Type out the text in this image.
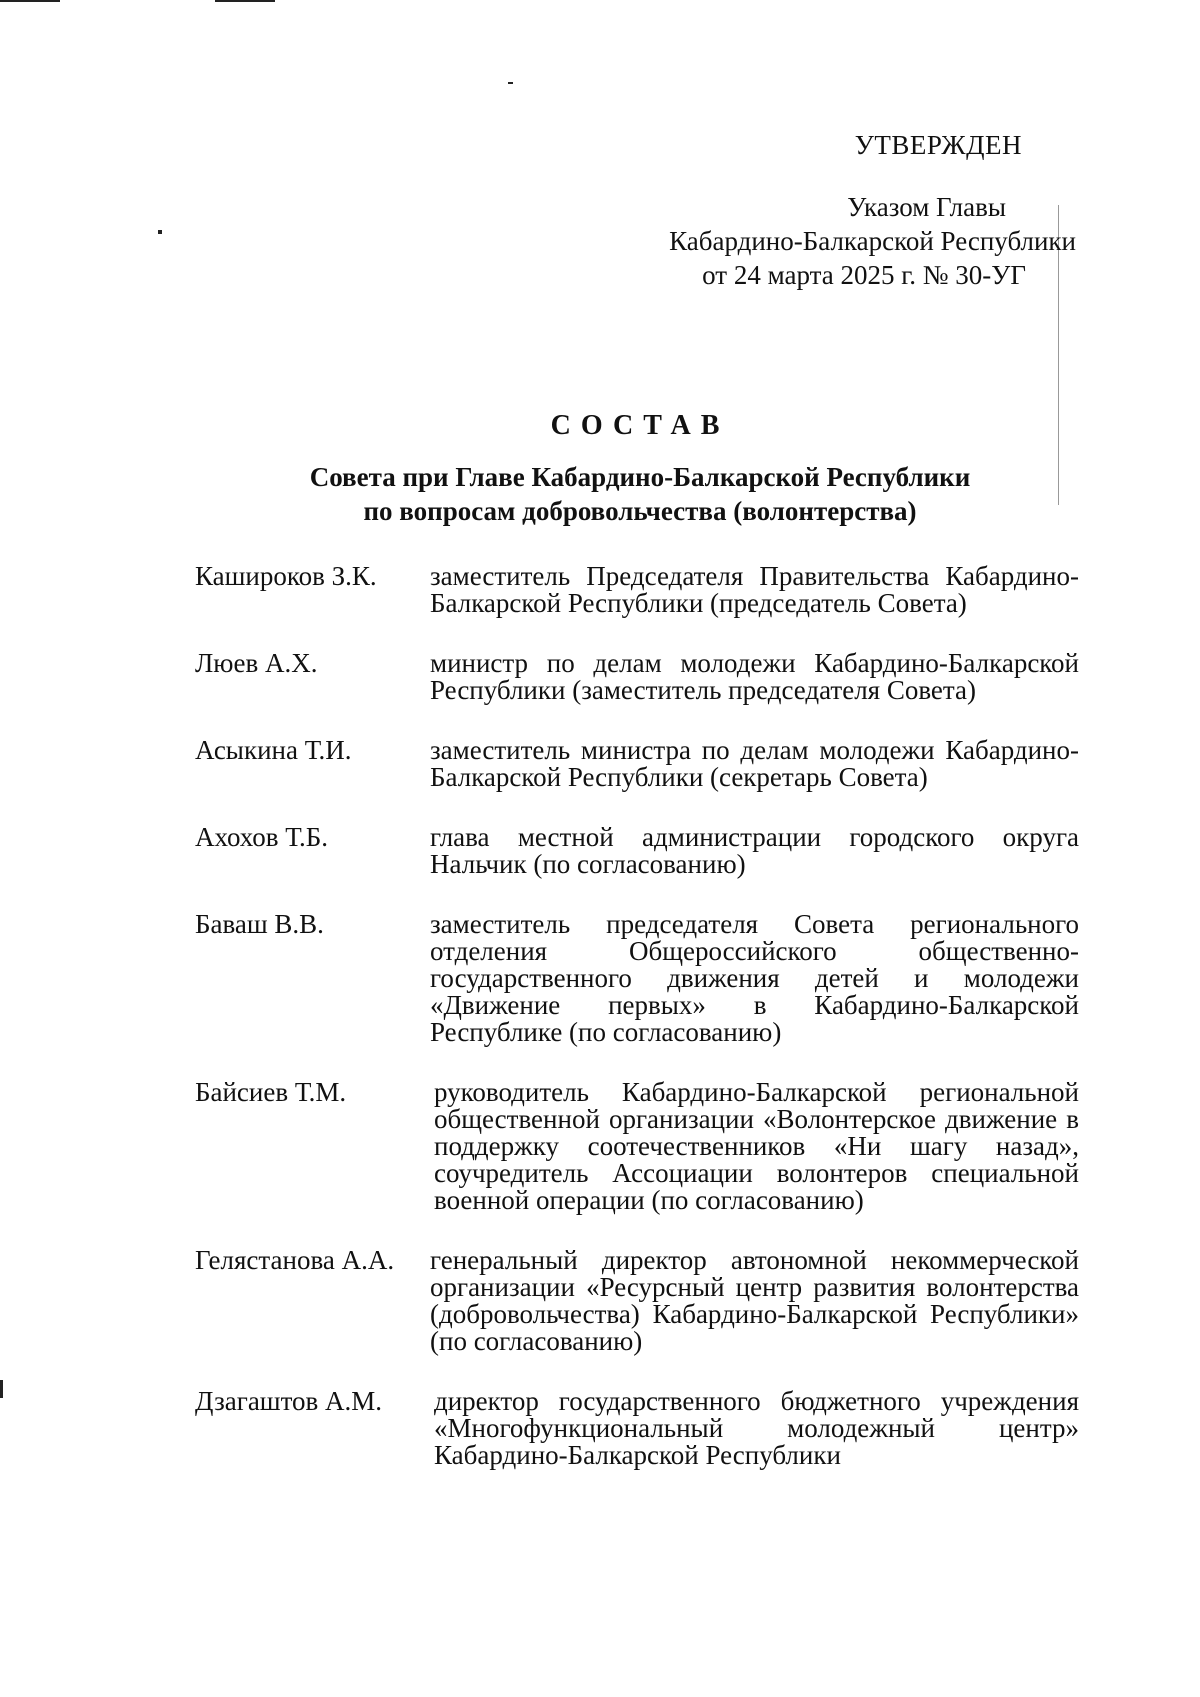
УТВЕРЖДЕН
Указом Главы
Кабардино-Балкарской Республики
от 24 марта 2025 г. № 30-УГ
СОСТАВ
Совета при Главе Кабардино-Балкарской Республики
по вопросам добровольчества (волонтерства)
Каширoков З.К.	заместитель Председателя Правительства Кабардино-Балкарской Республики (председатель Совета)
Люев А.Х.	министр по делам молодежи Кабардино-Балкарской Республики (заместитель председателя Совета)
Асыкина Т.И.	заместитель министра по делам молодежи Кабардино-Балкарской Республики (секретарь Совета)
Ахохов Т.Б.	глава местной администрации городского округа Нальчик (по согласованию)
Баваш В.В.	заместитель председателя Совета регионального отделения Общероссийского общественно-государственного движения детей и молодежи «Движение первых» в Кабардино-Балкарской Республике (по согласованию)
Байсиев Т.М.	руководитель Кабардино-Балкарской региональной общественной организации «Волонтерское движение в поддержку соотечественников «Ни шагу назад», соучредитель Ассоциации волонтеров специальной военной операции (по согласованию)
Гелястанова А.А.	генеральный директор автономной некоммерческой организации «Ресурсный центр развития волонтерства (добровольчества) Кабардино-Балкарской Республики» (по согласованию)
Дзагаштов А.М.	директор государственного бюджетного учреждения «Многофункциональный молодежный центр» Кабардино-Балкарской Республики
